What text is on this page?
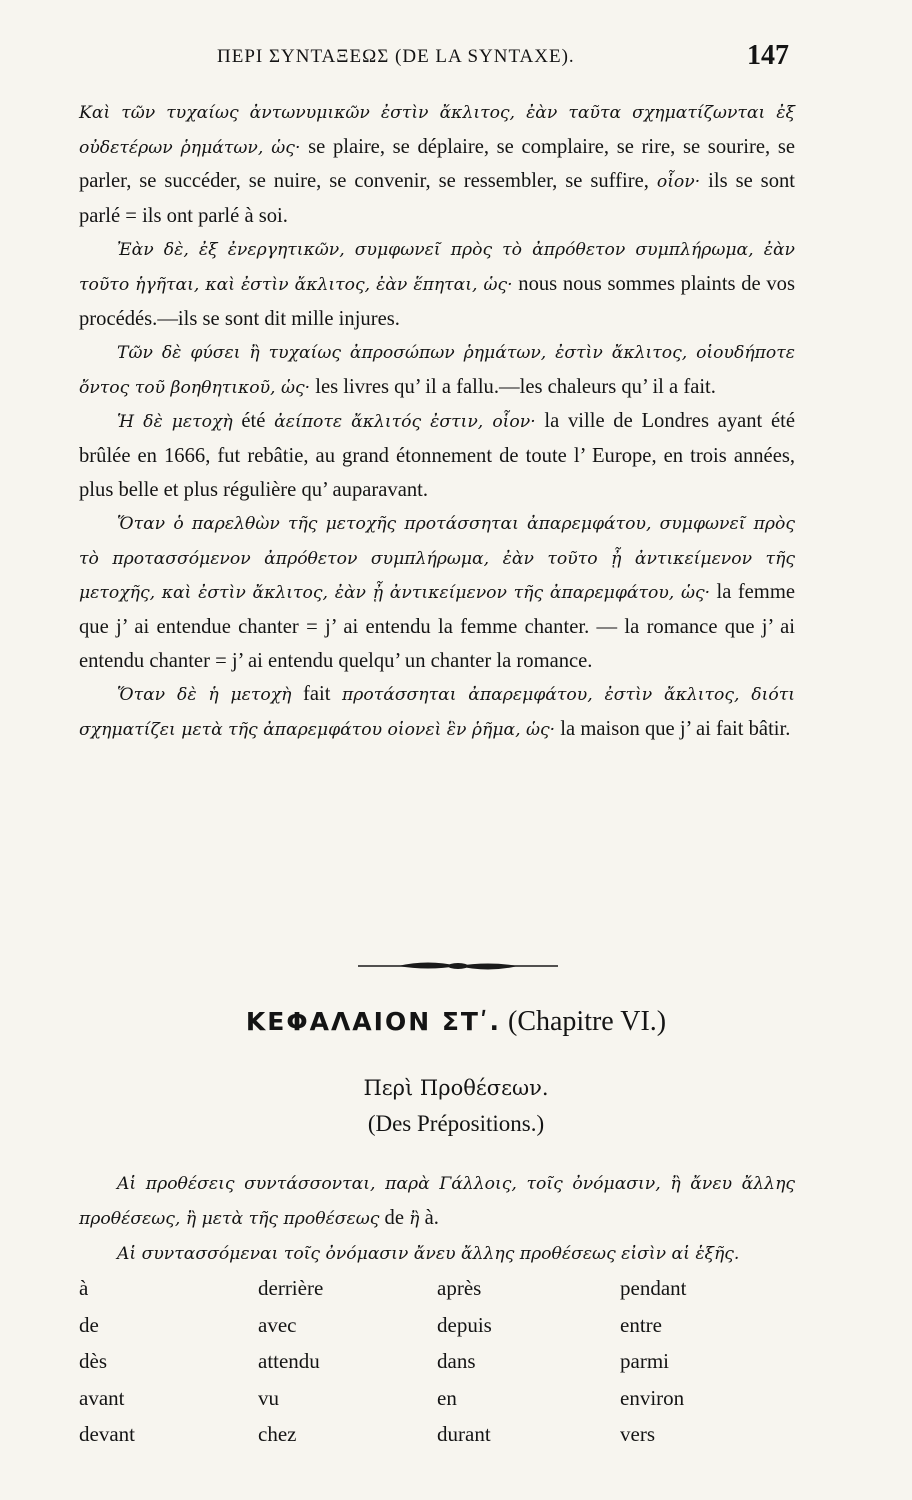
ΠΕΡΙ ΣΥΝΤΑΞΕΩΣ (DE LA SYNTAXE).	147

Καὶ τῶν τυχαίως ἀντωνυμικῶν ἐστὶν ἄκλιτος, ἐὰν ταῦτα σχηματίζωνται ἐξ οὐδετέρων ῥημάτων, ὡς· se plaire, se déplaire, se complaire, se rire, se sourire, se parler, se succéder, se nuire, se convenir, se ressembler, se suffire, οἷον· ils se sont parlé = ils ont parlé à soi.

Ἐὰν δὲ, ἐξ ἐνεργητικῶν, συμφωνεῖ πρὸς τὸ ἀπρόθετον συμπλήρωμα, ἐὰν τοῦτο ἡγῆται, καὶ ἐστὶν ἄκλιτος, ἐὰν ἕπηται, ὡς· nous nous sommes plaints de vos procédés.—ils se sont dit mille injures.

Τῶν δὲ φύσει ἢ τυχαίως ἀπροσώπων ῥημάτων, ἐστὶν ἄκλιτος, οἱουδήποτε ὄντος τοῦ βοηθητικοῦ, ὡς· les livres qu’ il a fallu.—les chaleurs qu’ il a fait.

Ἡ δὲ μετοχὴ été ἀείποτε ἄκλιτός ἐστιν, οἷον· la ville de Londres ayant été brûlée en 1666, fut rebâtie, au grand étonnement de toute l’ Europe, en trois années, plus belle et plus régulière qu’ auparavant.

Ὅταν ὁ παρελθὼν τῆς μετοχῆς προτάσσηται ἀπαρεμφάτου, συμφωνεῖ πρὸς τὸ προτασσόμενον ἀπρόθετον συμπλήρωμα, ἐὰν τοῦτο ᾖ ἀντικείμενον τῆς μετοχῆς, καὶ ἐστὶν ἄκλιτος, ἐὰν ᾖ ἀντικείμενον τῆς ἀπαρεμφάτου, ὡς· la femme que j’ ai entendue chanter = j’ ai entendu la femme chanter. — la romance que j’ ai entendu chanter = j’ ai entendu quelqu’ un chanter la romance.

Ὅταν δὲ ἡ μετοχὴ fait προτάσσηται ἀπαρεμφάτου, ἐστὶν ἄκλιτος, διότι σχηματίζει μετὰ τῆς ἀπαρεμφάτου οἱονεὶ ἓν ῥῆμα, ὡς· la maison que j’ ai fait bâtir.

ΚΕΦΑΛΑΙΟΝ ΣΤʹ. (Chapitre VI.)
Περὶ Προθέσεων.
(Des Prépositions.)

Αἱ προθέσεις συντάσσονται, παρὰ Γάλλοις, τοῖς ὀνόμασιν, ἢ ἄνευ ἄλλης προθέσεως, ἢ μετὰ τῆς προθέσεως de ἢ à.

Αἱ συντασσόμεναι τοῖς ὀνόμασιν ἄνευ ἄλλης προθέσεως εἰσὶν αἱ ἑξῆς.

à	derrière	après	pendant
de	avec	depuis	entre
dès	attendu	dans	parmi
avant	vu	en	environ
devant	chez	durant	vers
